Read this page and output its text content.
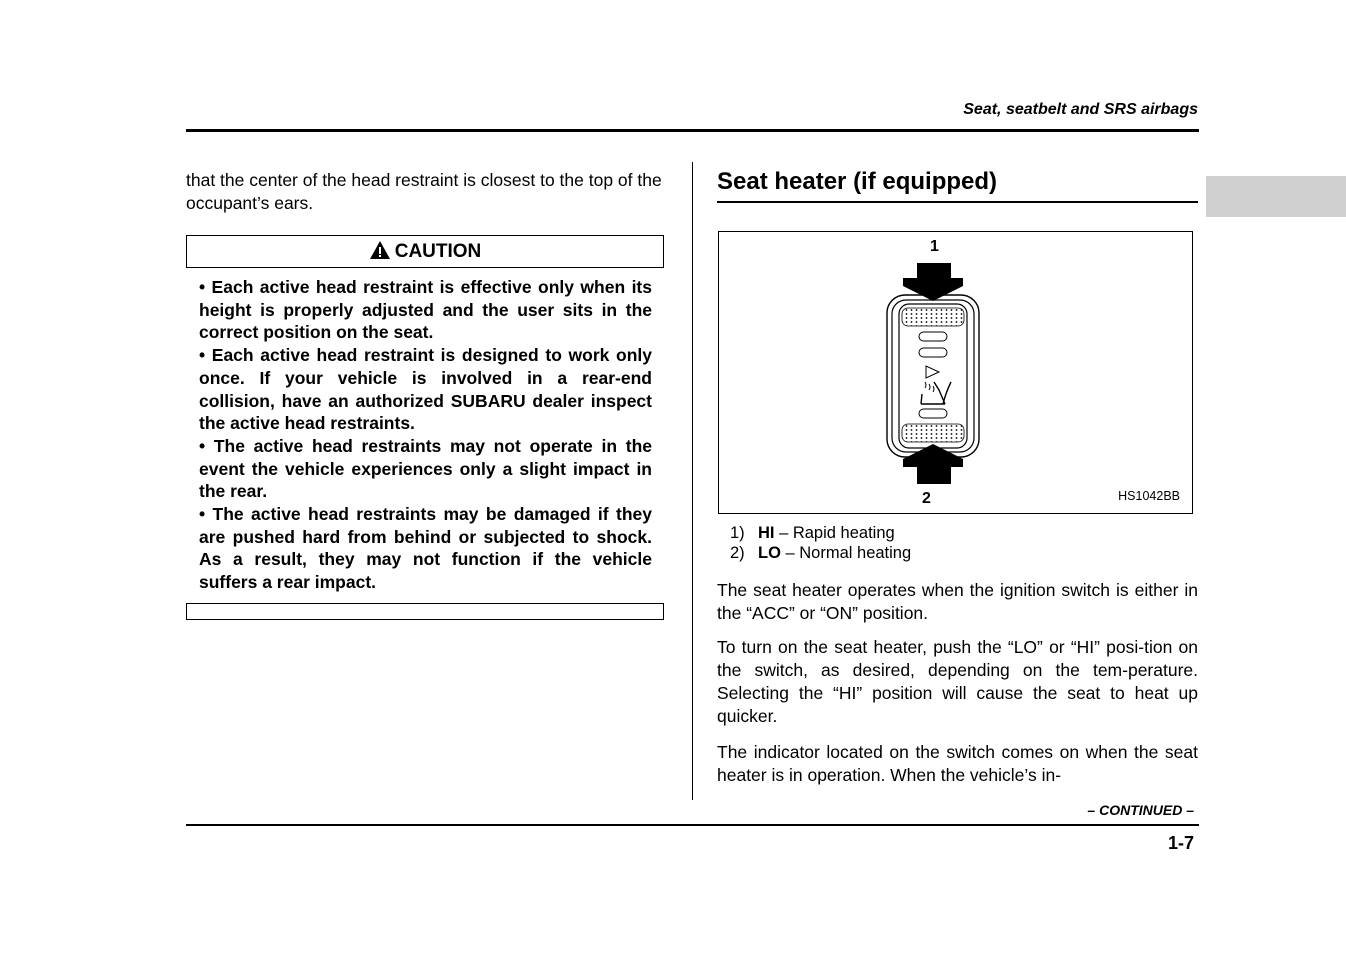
Seat, seatbelt and SRS airbags
that the center of the head restraint is closest to the top of the occupant’s ears.
CAUTION

• Each active head restraint is effective only when its height is properly adjusted and the user sits in the correct position on the seat.

• Each active head restraint is designed to work only once. If your vehicle is involved in a rear-end collision, have an authorized SUBARU dealer inspect the active head restraints.

• The active head restraints may not operate in the event the vehicle experiences only a slight impact in the rear.

• The active head restraints may be damaged if they are pushed hard from behind or subjected to shock. As a result, they may not function if the vehicle suffers a rear impact.

Seat heater (if equipped)
1
2	HS1042BB
1) HI – Rapid heating
2) LO – Normal heating
The seat heater operates when the ignition switch is either in the “ACC” or “ON” position.
To turn on the seat heater, push the “LO” or “HI” posi-tion on the switch, as desired, depending on the tem-perature. Selecting the “HI” position will cause the seat to heat up quicker.
The indicator located on the switch comes on when the seat heater is in operation. When the vehicle’s in-
– CONTINUED –
1-7
